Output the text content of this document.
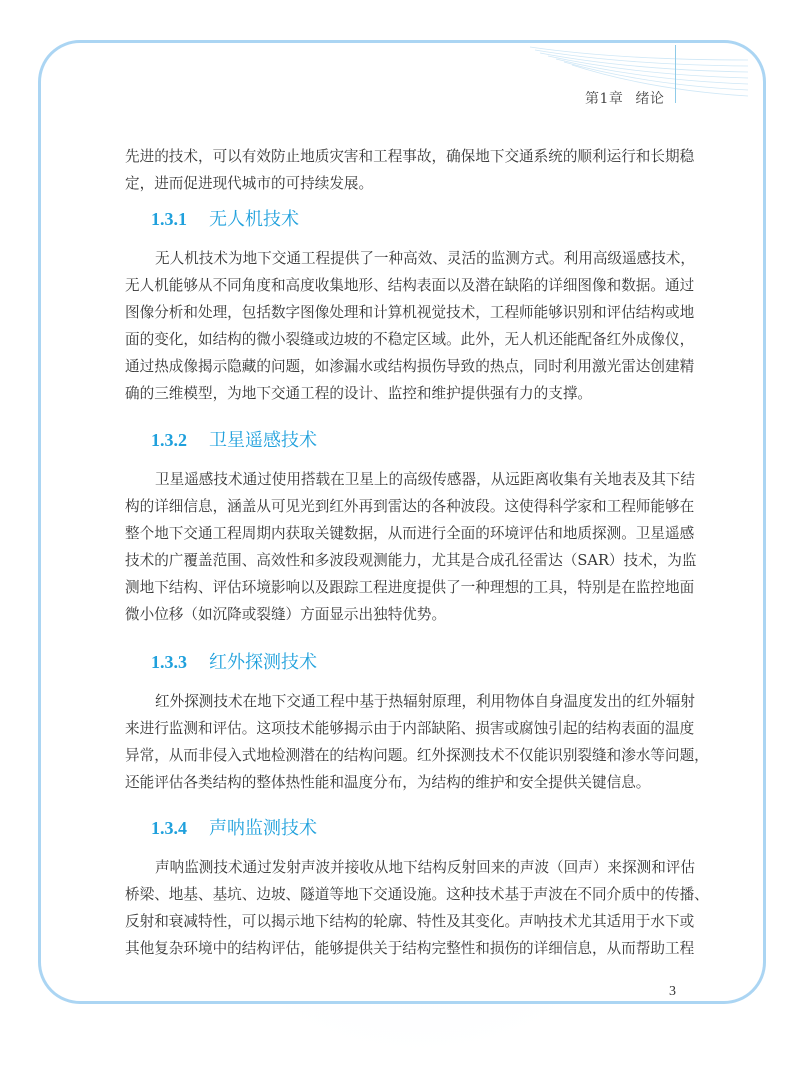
第1章 绪论
先进的技术，可以有效防止地质灾害和工程事故，确保地下交通系统的顺利运行和长期稳
定，进而促进现代城市的可持续发展。
1.3.1 无人机技术
无人机技术为地下交通工程提供了一种高效、灵活的监测方式。利用高级遥感技术，
无人机能够从不同角度和高度收集地形、结构表面以及潜在缺陷的详细图像和数据。通过
图像分析和处理，包括数字图像处理和计算机视觉技术，工程师能够识别和评估结构或地
面的变化，如结构的微小裂缝或边坡的不稳定区域。此外，无人机还能配备红外成像仪，
通过热成像揭示隐藏的问题，如渗漏水或结构损伤导致的热点，同时利用激光雷达创建精
确的三维模型，为地下交通工程的设计、监控和维护提供强有力的支撑。
1.3.2 卫星遥感技术
卫星遥感技术通过使用搭载在卫星上的高级传感器，从远距离收集有关地表及其下结
构的详细信息，涵盖从可见光到红外再到雷达的各种波段。这使得科学家和工程师能够在
整个地下交通工程周期内获取关键数据，从而进行全面的环境评估和地质探测。卫星遥感
技术的广覆盖范围、高效性和多波段观测能力，尤其是合成孔径雷达（SAR）技术，为监
测地下结构、评估环境影响以及跟踪工程进度提供了一种理想的工具，特别是在监控地面
微小位移（如沉降或裂缝）方面显示出独特优势。
1.3.3 红外探测技术
红外探测技术在地下交通工程中基于热辐射原理，利用物体自身温度发出的红外辐射
来进行监测和评估。这项技术能够揭示由于内部缺陷、损害或腐蚀引起的结构表面的温度
异常，从而非侵入式地检测潜在的结构问题。红外探测技术不仅能识别裂缝和渗水等问题，
还能评估各类结构的整体热性能和温度分布，为结构的维护和安全提供关键信息。
1.3.4 声呐监测技术
声呐监测技术通过发射声波并接收从地下结构反射回来的声波（回声）来探测和评估
桥梁、地基、基坑、边坡、隧道等地下交通设施。这种技术基于声波在不同介质中的传播、
反射和衰减特性，可以揭示地下结构的轮廓、特性及其变化。声呐技术尤其适用于水下或
其他复杂环境中的结构评估，能够提供关于结构完整性和损伤的详细信息，从而帮助工程
3
